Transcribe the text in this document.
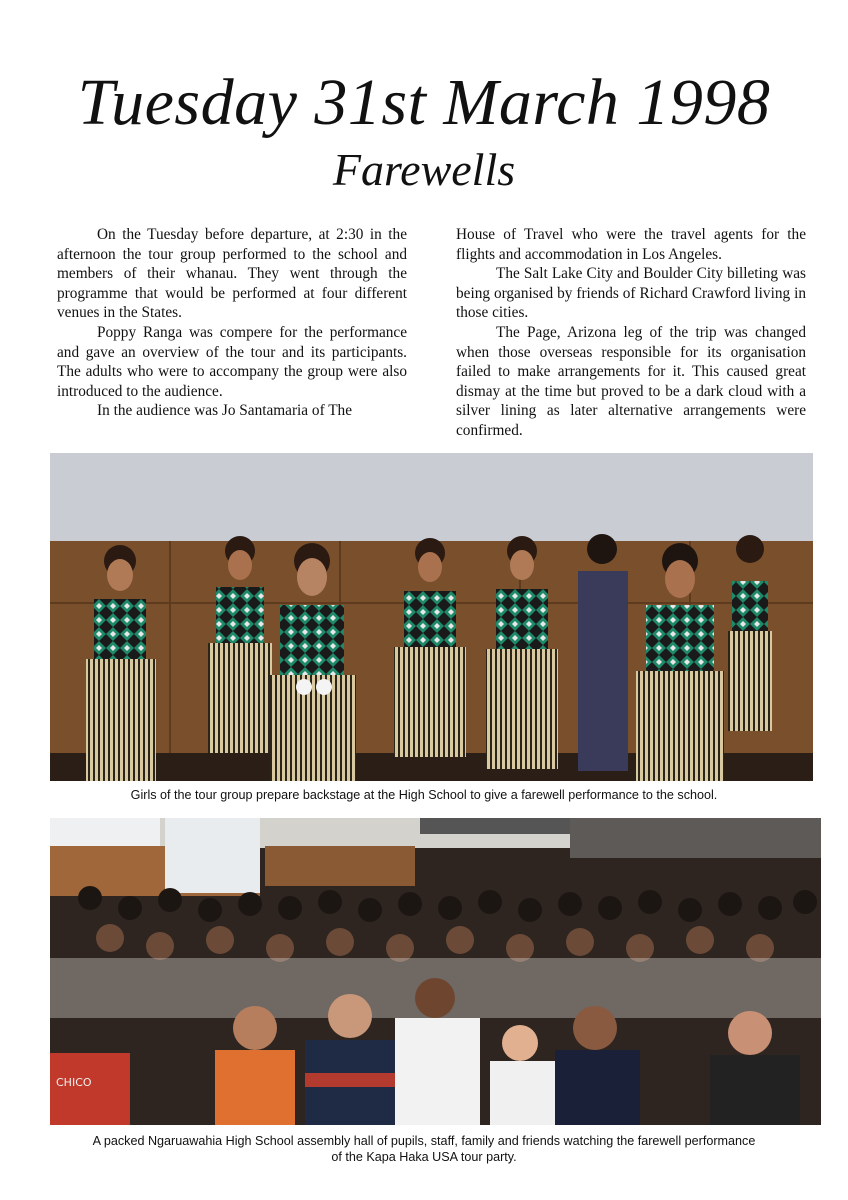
Tuesday 31st March 1998
Farewells

On the Tuesday before departure, at 2:30 in the afternoon the tour group performed to the school and members of their whanau. They went through the programme that would be performed at four different venues in the States.

Poppy Ranga was compere for the performance and gave an overview of the tour and its participants. The adults who were to accompany the group were also introduced to the audience.

In the audience was Jo Santamaria of The

House of Travel who were the travel agents for the flights and accommodation in Los Angeles.

The Salt Lake City and Boulder City billeting was being organised by friends of Richard Crawford living in those cities.

The Page, Arizona leg of the trip was changed when those overseas responsible for its organisation failed to make arrangements for it. This caused great dismay at the time but proved to be a dark cloud with a silver lining as later alternative arrangements were confirmed.

Girls of the tour group prepare backstage at the High School to give a farewell performance to the school.
CHICO
A packed Ngaruawahia High School assembly hall of pupils, staff, family and friends watching the farewell performance
of the Kapa Haka USA tour party.
